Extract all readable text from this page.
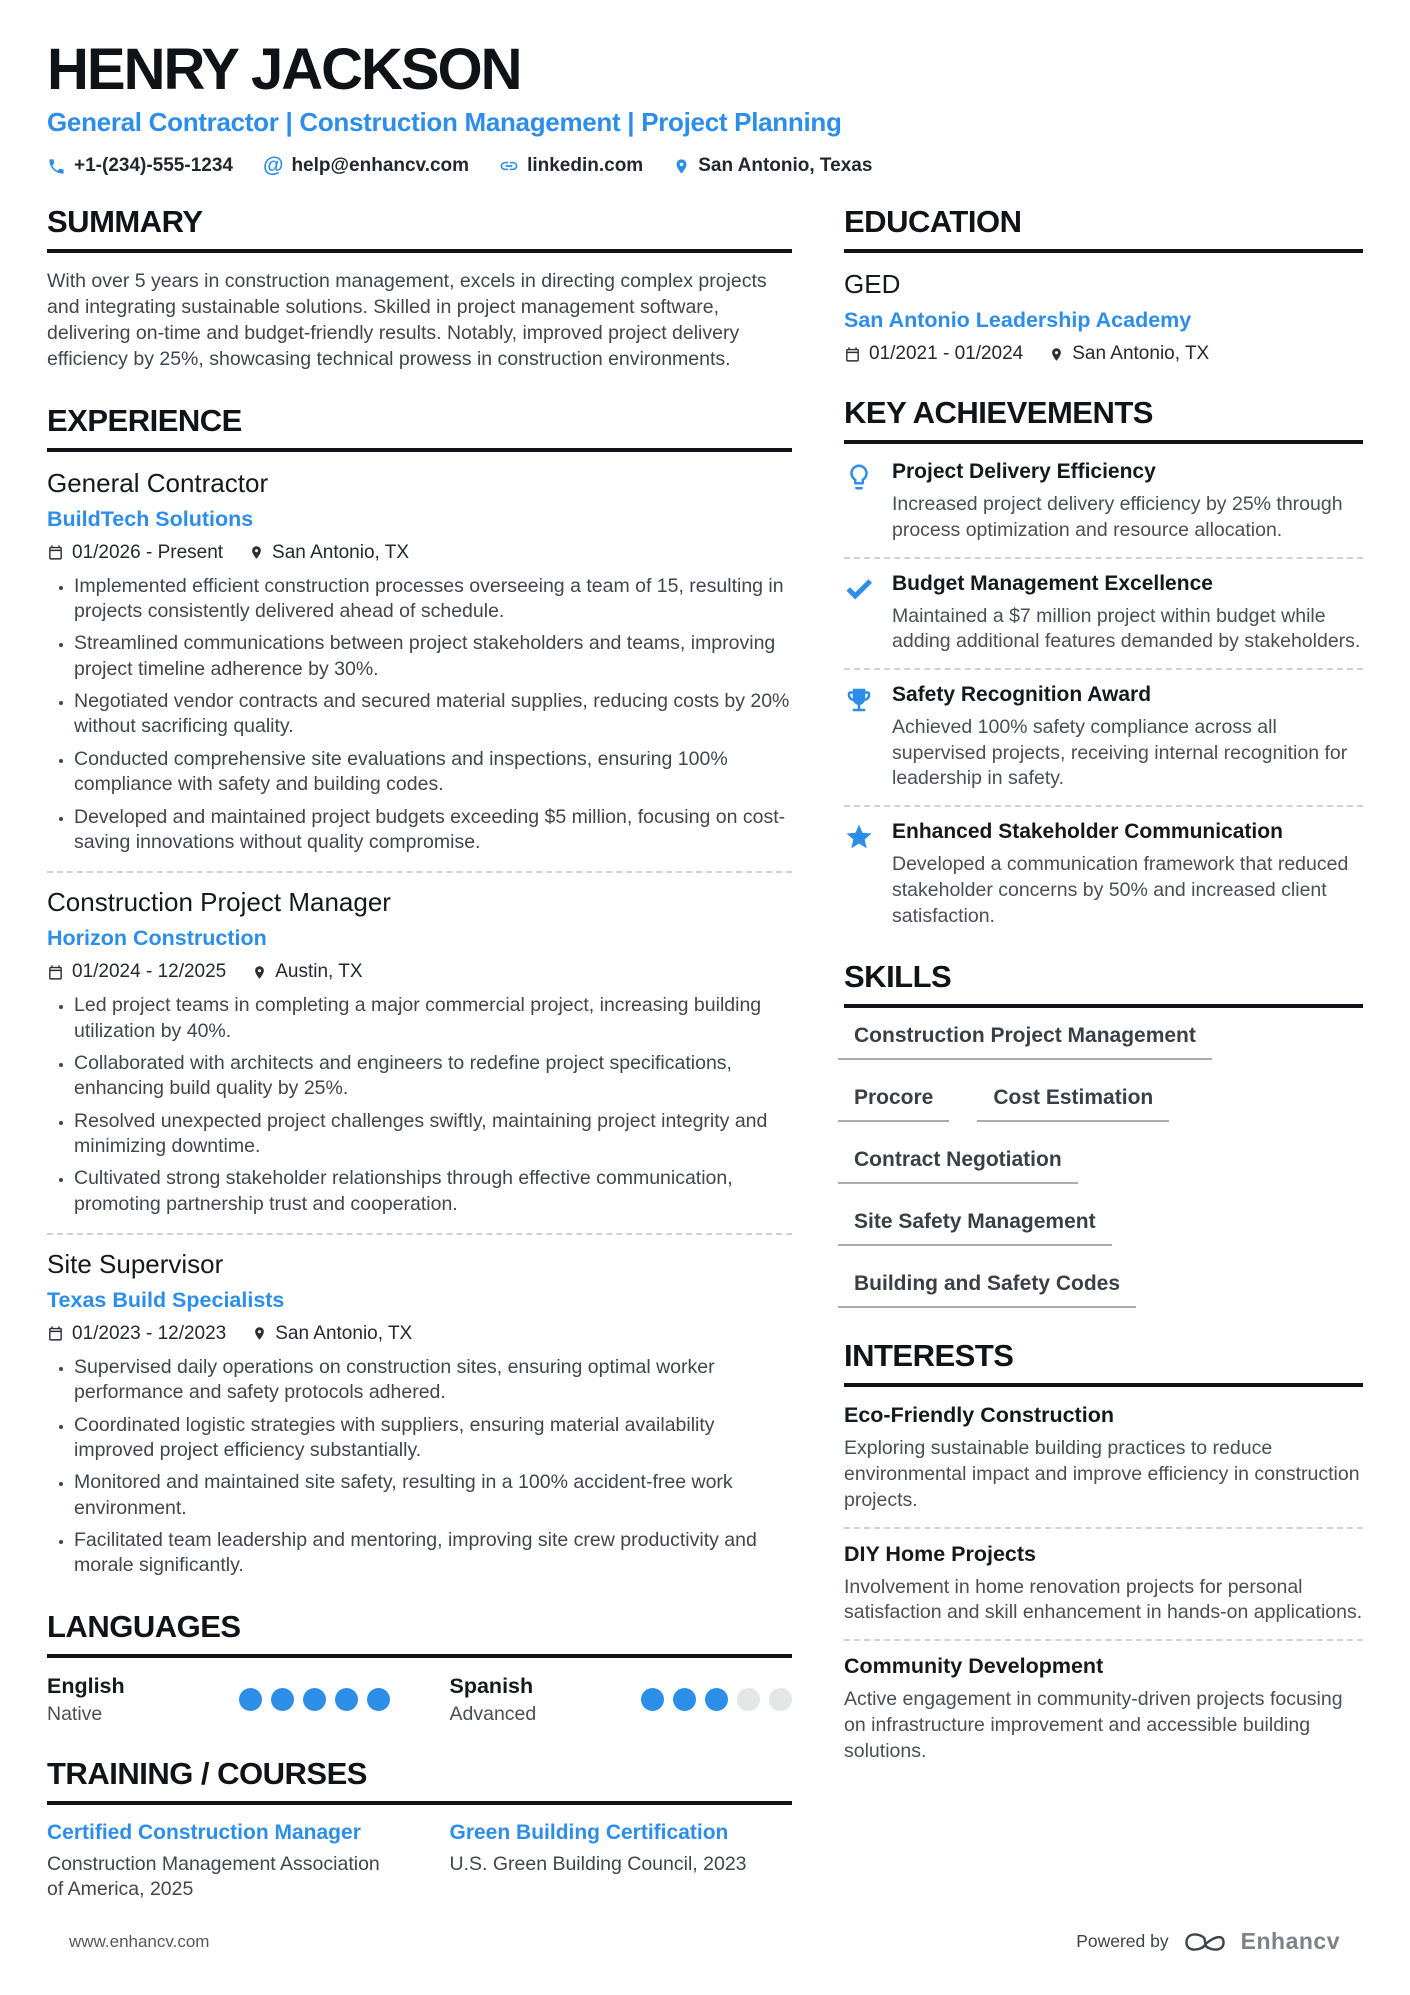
HENRY JACKSON
General Contractor | Construction Management | Project Planning
+1-(234)-555-1234 @ help@enhancv.com	linkedin.com	San Antonio, Texas
SUMMARY
With over 5 years in construction management, excels in directing complex projects and integrating sustainable solutions. Skilled in project management software, delivering on-time and budget-friendly results. Notably, improved project delivery efficiency by 25%, showcasing technical prowess in construction environments.
EXPERIENCE
General Contractor
BuildTech Solutions
01/2026 - Present	San Antonio, TX
• Implemented efficient construction processes overseeing a team of 15, resulting in projects consistently delivered ahead of schedule.
• Streamlined communications between project stakeholders and teams, improving project timeline adherence by 30%.
• Negotiated vendor contracts and secured material supplies, reducing costs by 20% without sacrificing quality.
• Conducted comprehensive site evaluations and inspections, ensuring 100% compliance with safety and building codes.
• Developed and maintained project budgets exceeding $5 million, focusing on cost-saving innovations without quality compromise.
Construction Project Manager
Horizon Construction
01/2024 - 12/2025	Austin, TX
• Led project teams in completing a major commercial project, increasing building utilization by 40%.
• Collaborated with architects and engineers to redefine project specifications, enhancing build quality by 25%.
• Resolved unexpected project challenges swiftly, maintaining project integrity and minimizing downtime.
• Cultivated strong stakeholder relationships through effective communication, promoting partnership trust and cooperation.
Site Supervisor
Texas Build Specialists
01/2023 - 12/2023	San Antonio, TX
• Supervised daily operations on construction sites, ensuring optimal worker performance and safety protocols adhered.
• Coordinated logistic strategies with suppliers, ensuring material availability improved project efficiency substantially.
• Monitored and maintained site safety, resulting in a 100% accident-free work environment.
• Facilitated team leadership and mentoring, improving site crew productivity and morale significantly.
LANGUAGES
English
Native
Spanish
Advanced
TRAINING / COURSES
Certified Construction Manager
Construction Management Association of America, 2025
Green Building Certification
U.S. Green Building Council, 2023
EDUCATION
GED
San Antonio Leadership Academy
01/2021 - 01/2024	San Antonio, TX
KEY ACHIEVEMENTS
Project Delivery Efficiency
Increased project delivery efficiency by 25% through process optimization and resource allocation.
Budget Management Excellence
Maintained a $7 million project within budget while adding additional features demanded by stakeholders.
Safety Recognition Award
Achieved 100% safety compliance across all supervised projects, receiving internal recognition for leadership in safety.
Enhanced Stakeholder Communication
Developed a communication framework that reduced stakeholder concerns by 50% and increased client satisfaction.
SKILLS
Construction Project Management
Procore	Cost Estimation
Contract Negotiation
Site Safety Management
Building and Safety Codes
INTERESTS
Eco-Friendly Construction
Exploring sustainable building practices to reduce environmental impact and improve efficiency in construction projects.
DIY Home Projects
Involvement in home renovation projects for personal satisfaction and skill enhancement in hands-on applications.
Community Development
Active engagement in community-driven projects focusing on infrastructure improvement and accessible building solutions.
www.enhancv.com	Powered by	Enhancv
